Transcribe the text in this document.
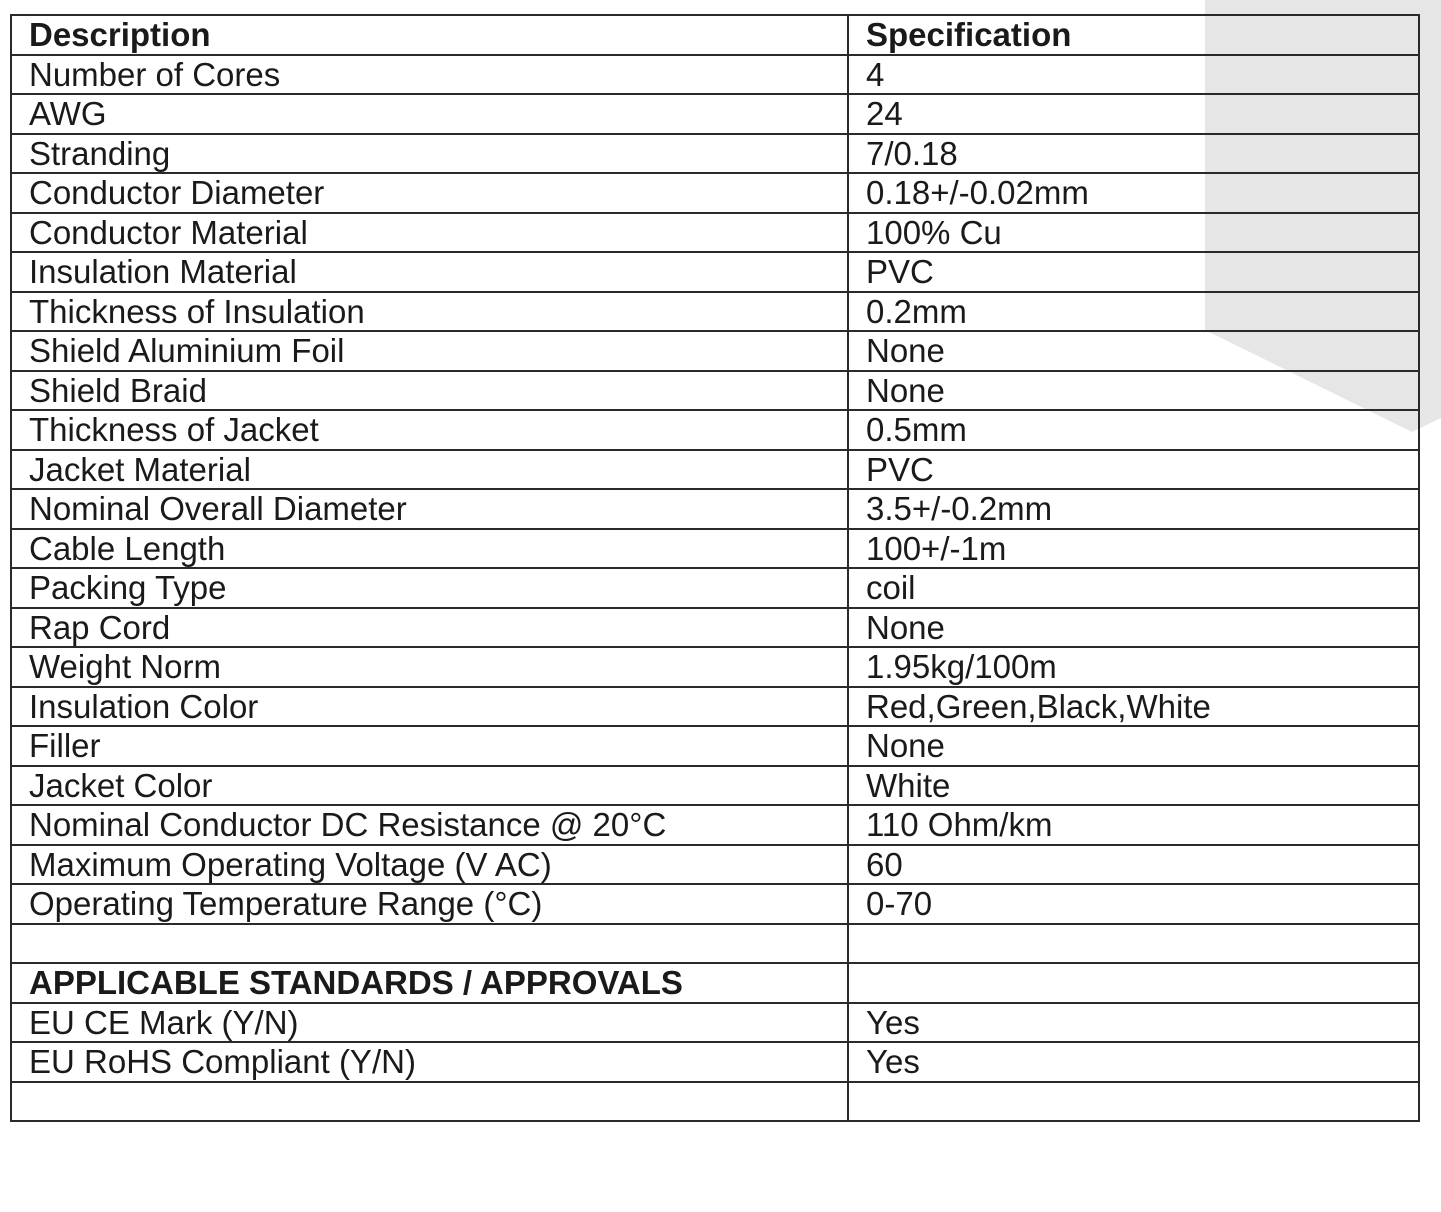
Description	Specification
Number of Cores	4
AWG	24
Stranding	7/0.18
Conductor Diameter	0.18+/-0.02mm
Conductor Material	100% Cu
Insulation Material	PVC
Thickness of Insulation	0.2mm
Shield Aluminium Foil	None
Shield Braid	None
Thickness of Jacket	0.5mm
Jacket Material	PVC
Nominal Overall Diameter	3.5+/-0.2mm
Cable Length	100+/-1m
Packing Type	coil
Rap Cord	None
Weight Norm	1.95kg/100m
Insulation Color	Red,Green,Black,White
Filler	None
Jacket Color	White
Nominal Conductor DC Resistance @ 20°C	110 Ohm/km
Maximum Operating Voltage (V AC)	60
Operating Temperature Range (°C)	0-70

APPLICABLE STANDARDS / APPROVALS	
EU CE Mark (Y/N)	Yes
EU RoHS Compliant (Y/N)	Yes
